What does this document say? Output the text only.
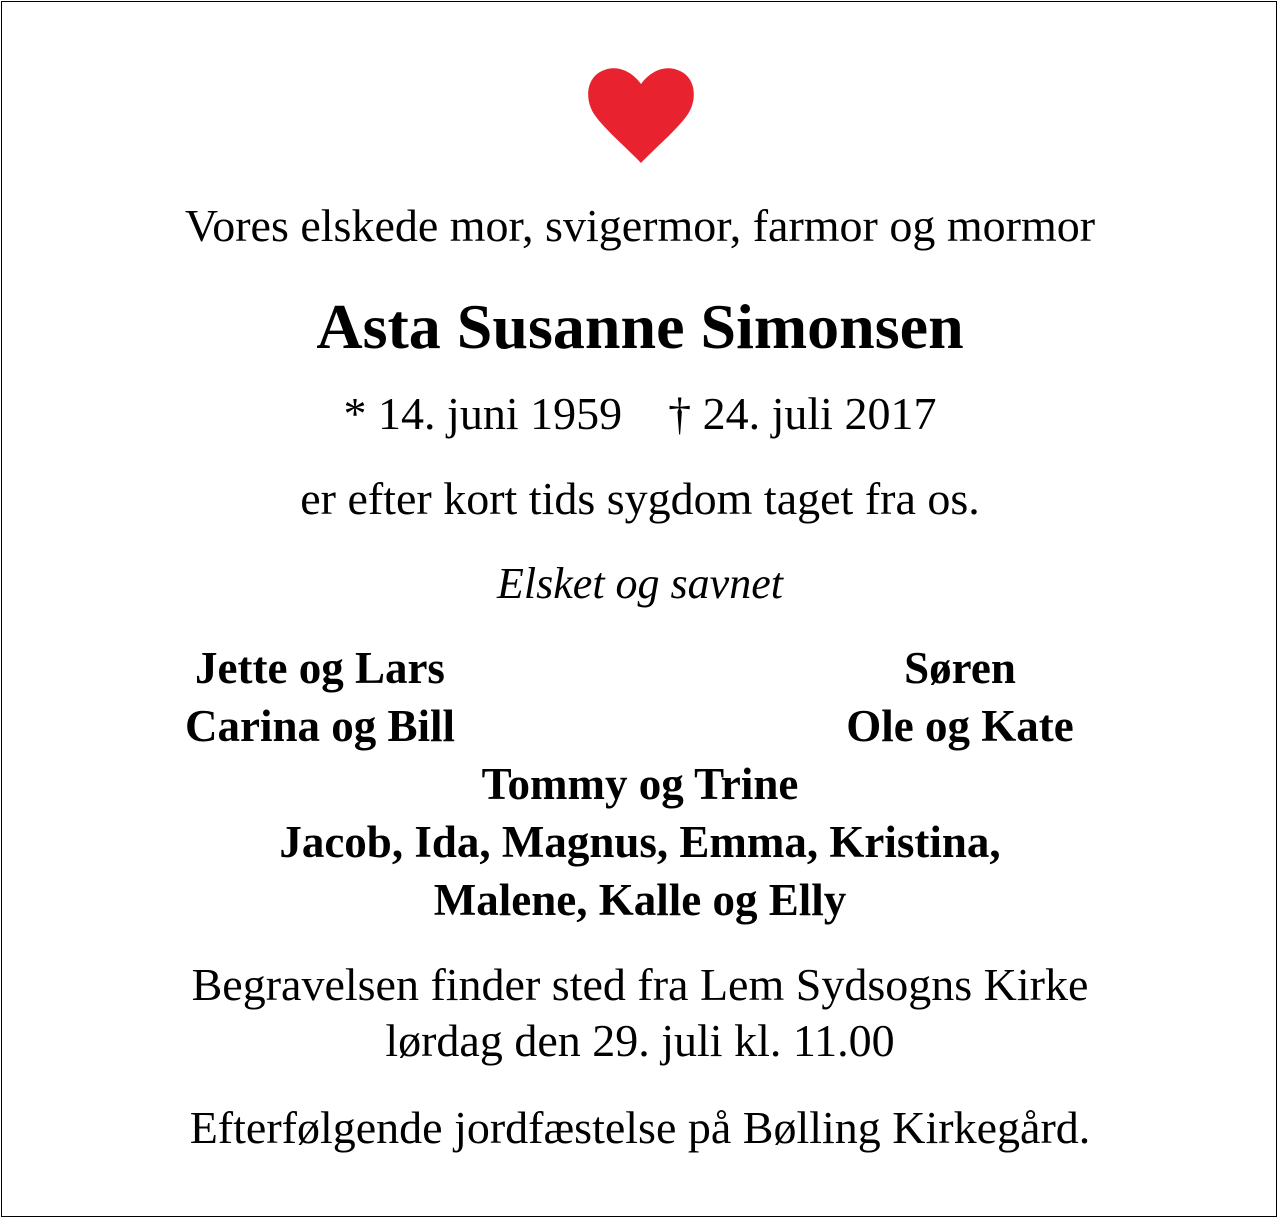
Vores elskede mor, svigermor, farmor og mormor
Asta Susanne Simonsen
* 14. juni 1959 † 24. juli 2017
er efter kort tids sygdom taget fra os.
Elsket og savnet
Jette og Lars
Carina og Bill
Søren
Ole og Kate
Tommy og Trine
Jacob, Ida, Magnus, Emma, Kristina,
Malene, Kalle og Elly
Begravelsen finder sted fra Lem Sydsogns Kirke
lørdag den 29. juli kl. 11.00
Efterfølgende jordfæstelse på Bølling Kirkegård.
